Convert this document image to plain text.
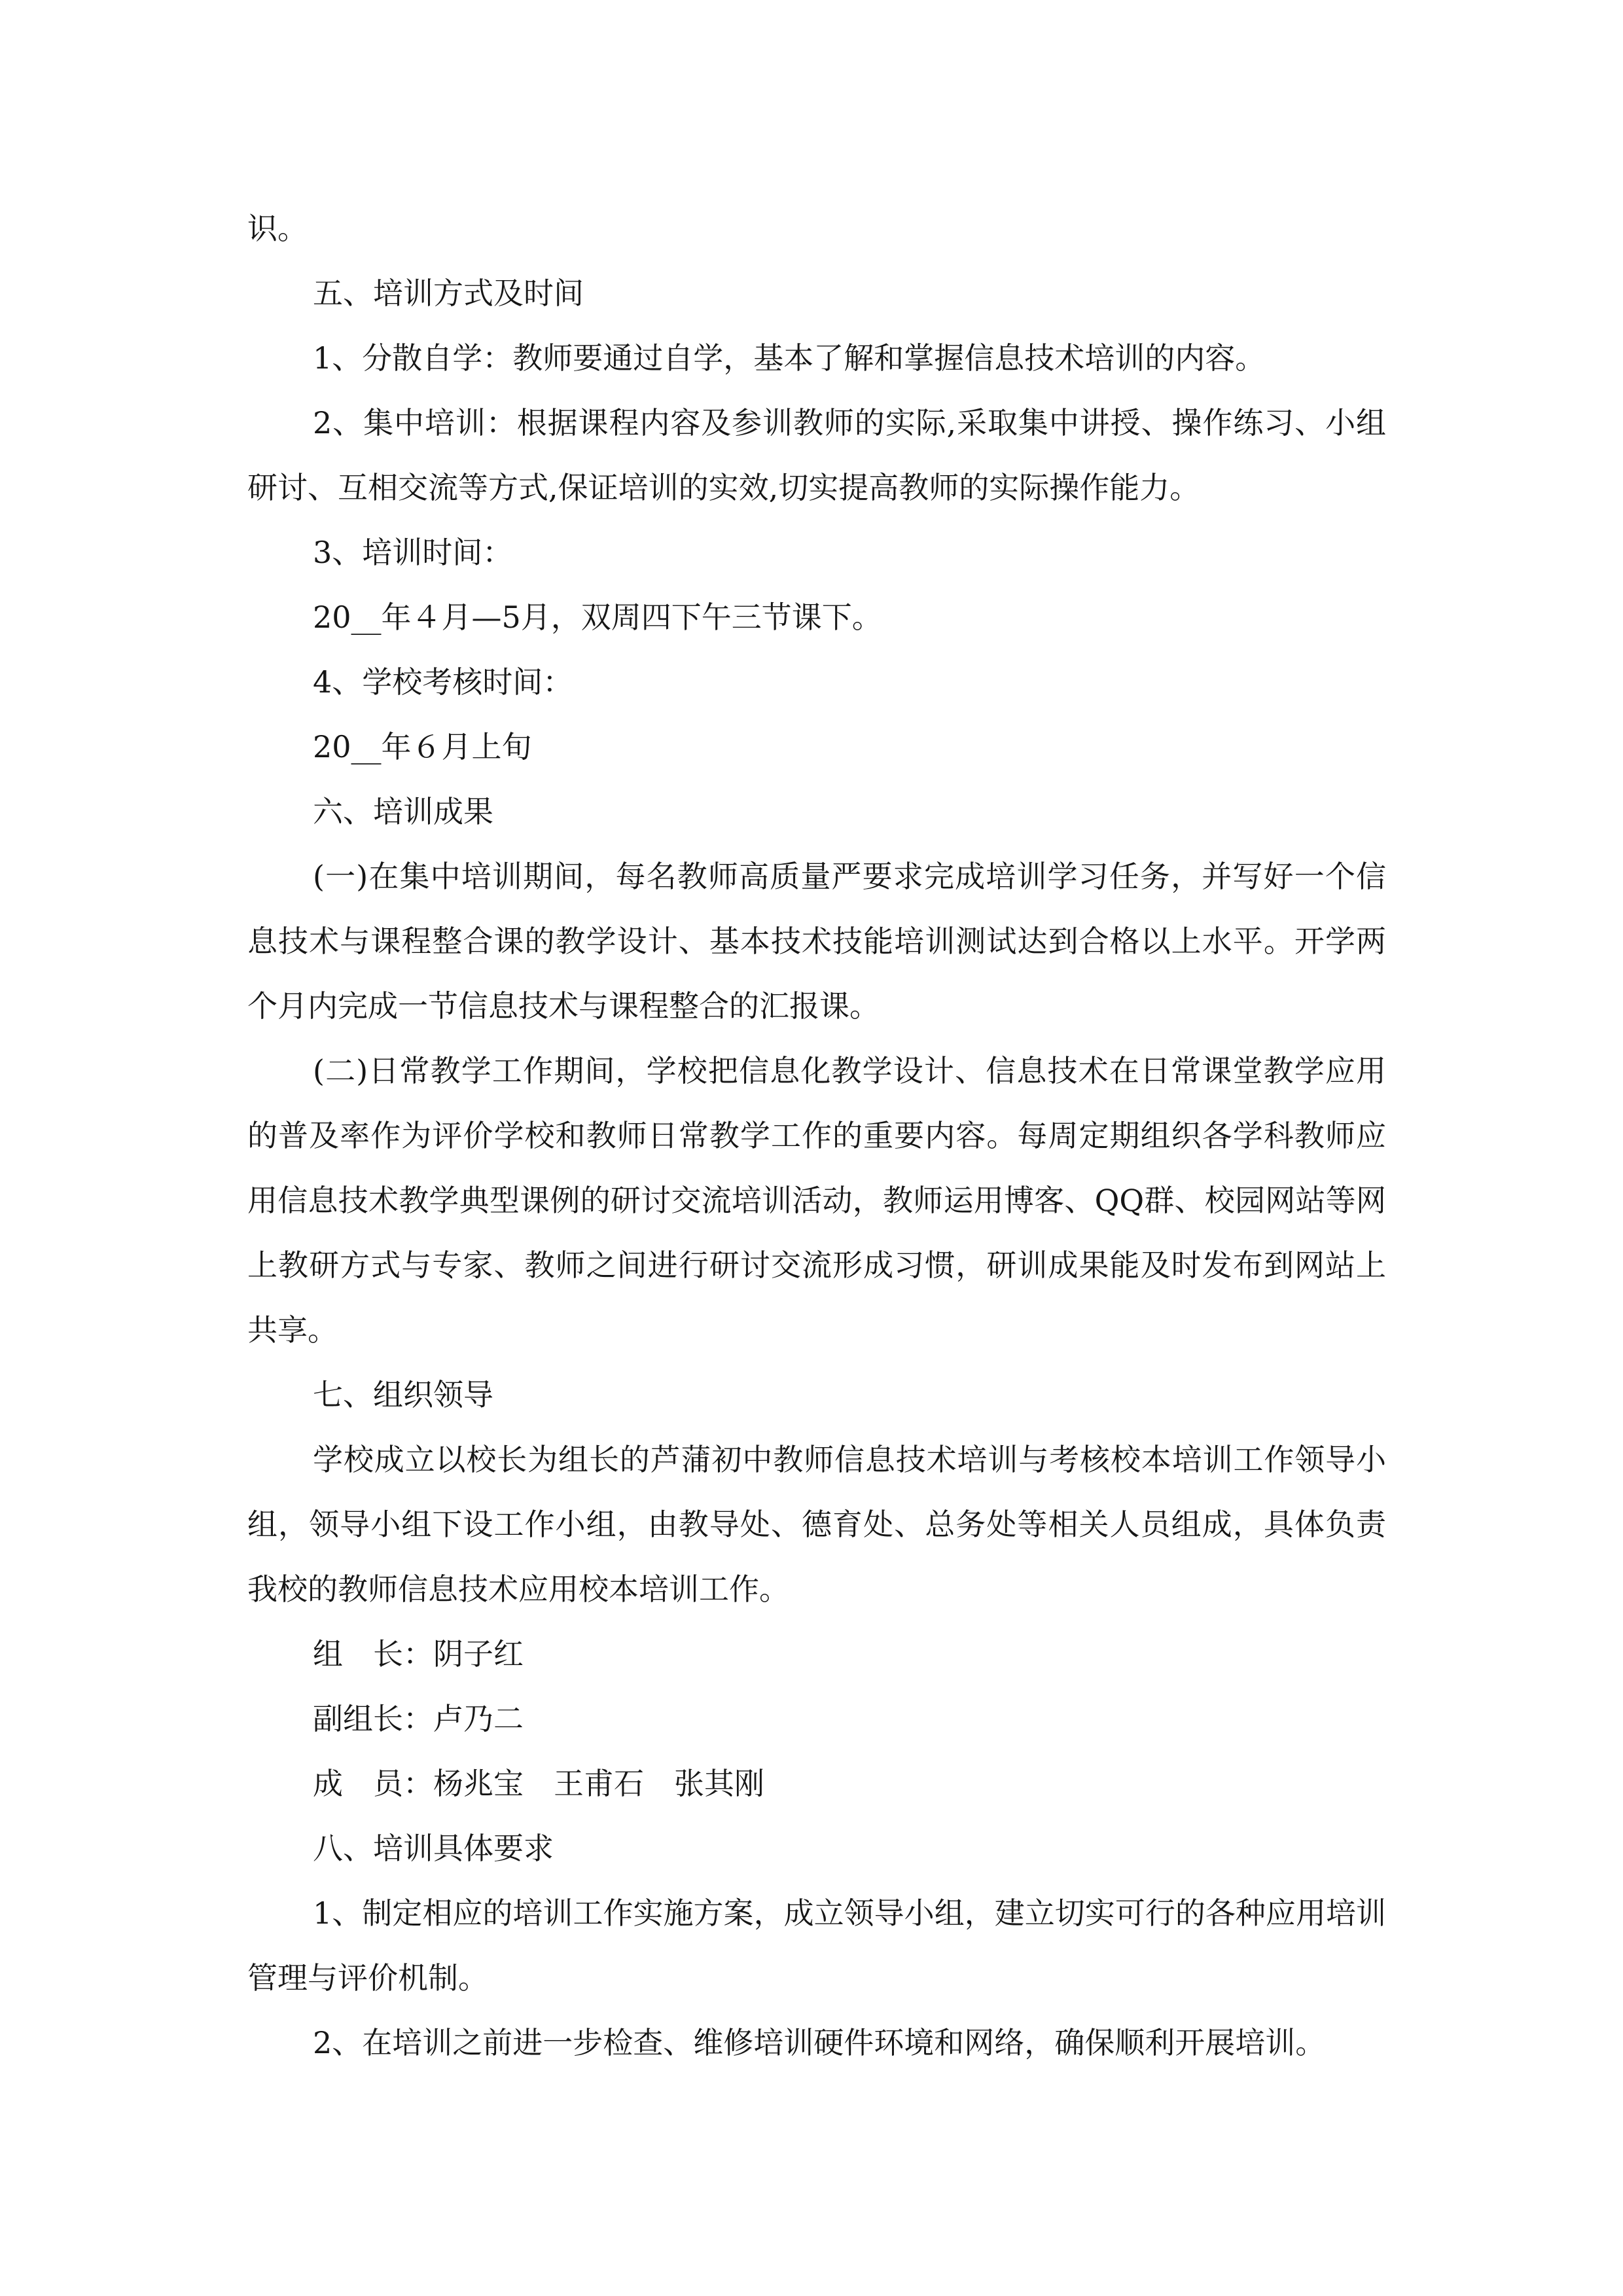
识。

五、培训方式及时间

1、分散自学：教师要通过自学，基本了解和掌握信息技术培训的内容。

2、集中培训：根据课程内容及参训教师的实际,采取集中讲授、操作练习、小组研讨、互相交流等方式,保证培训的实效,切实提高教师的实际操作能力。

3、培训时间：

20__年４月—5月，双周四下午三节课下。

4、学校考核时间：

20__年６月上旬

六、培训成果

(一)在集中培训期间，每名教师高质量严要求完成培训学习任务，并写好一个信息技术与课程整合课的教学设计、基本技术技能培训测试达到合格以上水平。开学两个月内完成一节信息技术与课程整合的汇报课。

(二)日常教学工作期间，学校把信息化教学设计、信息技术在日常课堂教学应用的普及率作为评价学校和教师日常教学工作的重要内容。每周定期组织各学科教师应用信息技术教学典型课例的研讨交流培训活动，教师运用博客、QQ群、校园网站等网上教研方式与专家、教师之间进行研讨交流形成习惯，研训成果能及时发布到网站上共享。

七、组织领导

学校成立以校长为组长的芦蒲初中教师信息技术培训与考核校本培训工作领导小组，领导小组下设工作小组，由教导处、德育处、总务处等相关人员组成，具体负责我校的教师信息技术应用校本培训工作。

组　长：阴子红

副组长：卢乃二

成　员：杨兆宝　王甫石　张其刚

八、培训具体要求

1、制定相应的培训工作实施方案，成立领导小组，建立切实可行的各种应用培训管理与评价机制。

2、在培训之前进一步检查、维修培训硬件环境和网络，确保顺利开展培训。
